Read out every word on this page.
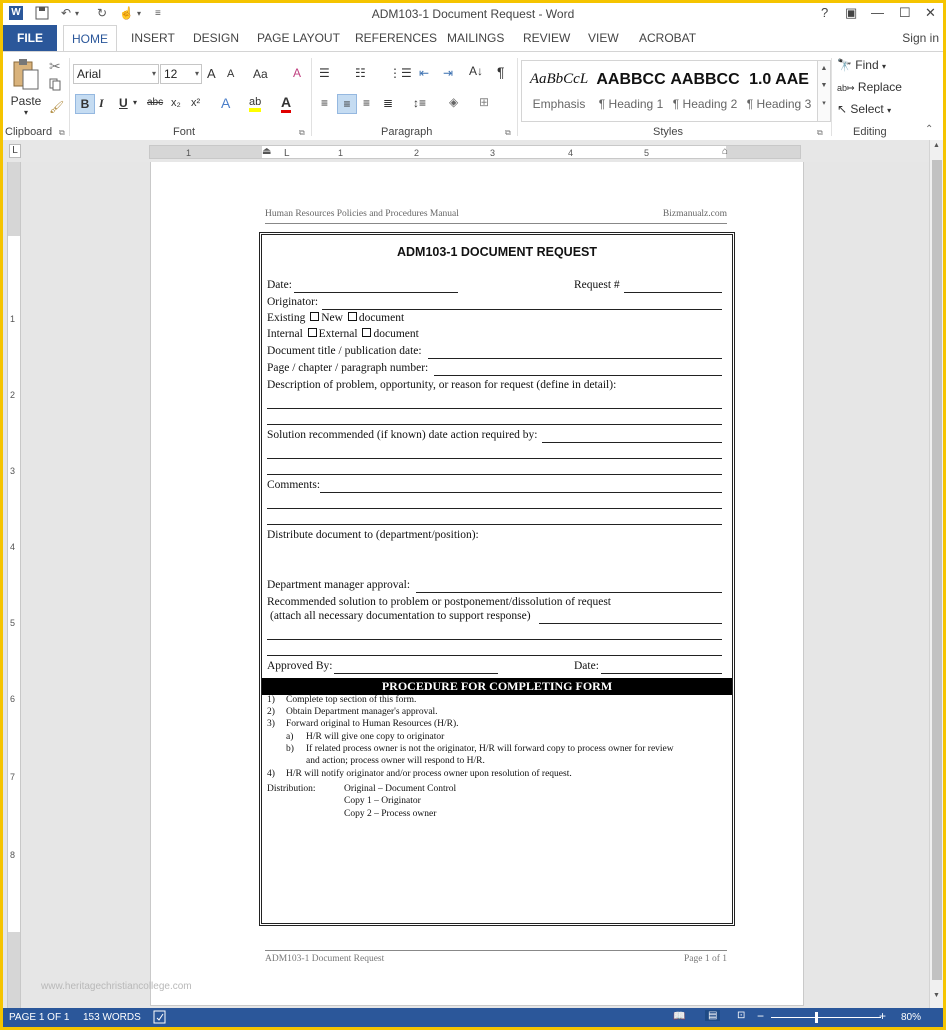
W	↶ ▾ ↻ ☝ ▾ ≡	ADM103-1 Document Request - Word	? ▣ — ☐ ✕
FILE	HOME	INSERT DESIGN PAGE LAYOUT REFERENCES MAILINGS REVIEW VIEW ACROBAT	Sign in
Paste
▾
✂
🖌
Clipboard ⧉
Arial	▾ 12 ▾ A A Aa A
B I U ▾ abc x₂ x² A ab A
Font	⧉
☰ ☷ ⋮☰ ⇤ ⇥ A↓ ¶
≡	≡	≡ ≣ ↕≡ ◈ ⊞
Paragraph	⧉
AaBbCcL
Emphasis
AABBCC
¶ Heading 1
AABBCC
¶ Heading 2
1.0 AAE
¶ Heading 3
▲
▼
▾
Styles	⧉
🔭 Find ▾
ab↦ Replace
↖ Select ▾
Editing	⌃
L	1	⏏ L	1	2	3	4	5	⌂
1
2
3
4
5
6
7
8
▲
▼
Human Resources Policies and Procedures Manual	Bizmanualz.com
ADM103-1 DOCUMENT REQUEST
Date:	Request #
Originator:
Existing New document
Internal External document
Document title / publication date:
Page / chapter / paragraph number:
Description of problem, opportunity, or reason for request (define in detail):
Solution recommended (if known) date action required by:
Comments:
Distribute document to (department/position):
Department manager approval:
Recommended solution to problem or postponement/dissolution of request
(attach all necessary documentation to support response)
Approved By:	Date:
PROCEDURE FOR COMPLETING FORM
1) Complete top section of this form.
2) Obtain Department manager's approval.
3) Forward original to Human Resources (H/R).
a) H/R will give one copy to originator
b) If related process owner is not the originator, H/R will forward copy to process owner for review
and action; process owner will respond to H/R.
4) H/R will notify originator and/or process owner upon resolution of request.
Distribution:	Original – Document Control
Copy 1 – Originator
Copy 2 – Process owner
ADM103-1 Document Request	Page 1 of 1
www.heritagechristiancollege.com
PAGE 1 OF 1 153 WORDS	📖	▤	⊡ −	+ 80%
